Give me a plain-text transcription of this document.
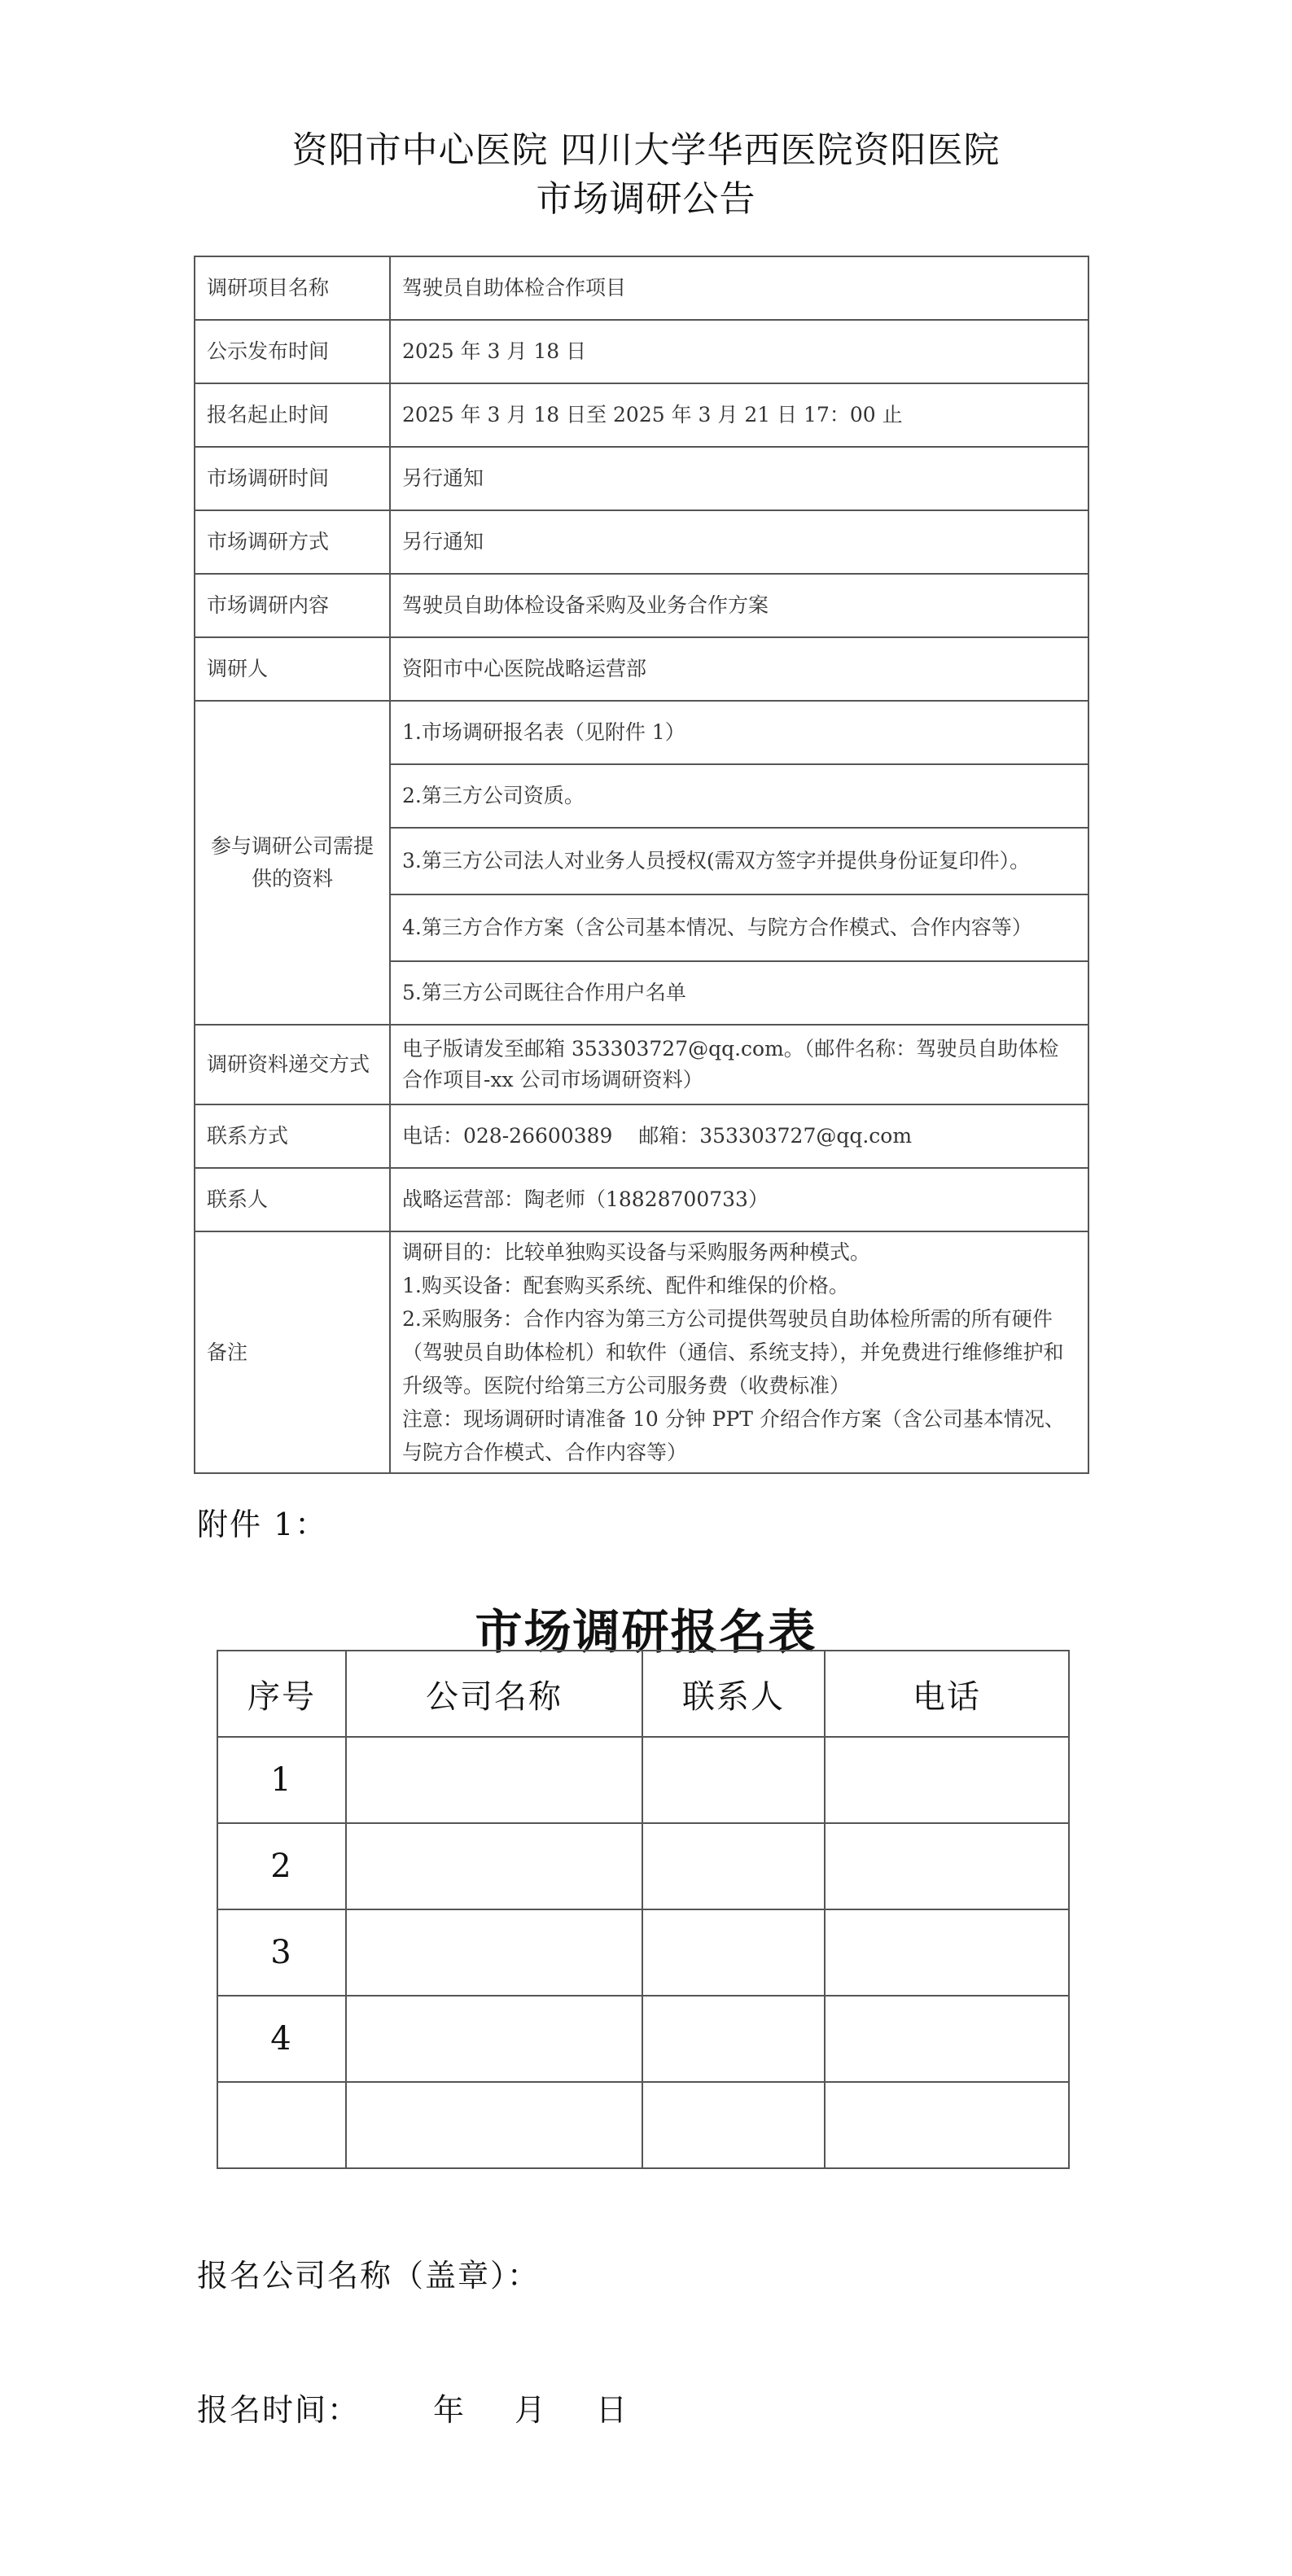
资阳市中心医院 四川大学华西医院资阳医院
市场调研公告
调研项目名称	驾驶员自助体检合作项目
公示发布时间	2025 年 3 月 18 日
报名起止时间	2025 年 3 月 18 日至 2025 年 3 月 21 日 17：00 止
市场调研时间	另行通知
市场调研方式	另行通知
市场调研内容	驾驶员自助体检设备采购及业务合作方案
调研人	资阳市中心医院战略运营部
参与调研公司需提供的资料	1.市场调研报名表（见附件 1）
	2.第三方公司资质。
	3.第三方公司法人对业务人员授权(需双方签字并提供身份证复印件）。
	4.第三方合作方案（含公司基本情况、与院方合作模式、合作内容等）
	5.第三方公司既往合作用户名单
调研资料递交方式	电子版请发至邮箱 353303727@qq.com。（邮件名称：驾驶员自助体检合作项目-xx 公司市场调研资料）
联系方式	电话：028-26600389    邮箱：353303727@qq.com
联系人	战略运营部：陶老师（18828700733）
备注	调研目的：比较单独购买设备与采购服务两种模式。
1.购买设备：配套购买系统、配件和维保的价格。
2.采购服务：合作内容为第三方公司提供驾驶员自助体检所需的所有硬件（驾驶员自助体检机）和软件（通信、系统支持），并免费进行维修维护和升级等。医院付给第三方公司服务费（收费标准）
注意：现场调研时请准备 10 分钟 PPT 介绍合作方案（含公司基本情况、与院方合作模式、合作内容等）
附件 1：
市场调研报名表
序号	公司名称	联系人	电话
1			
2			
3			
4			

报名公司名称（盖章）：
报名时间： 年 月 日
